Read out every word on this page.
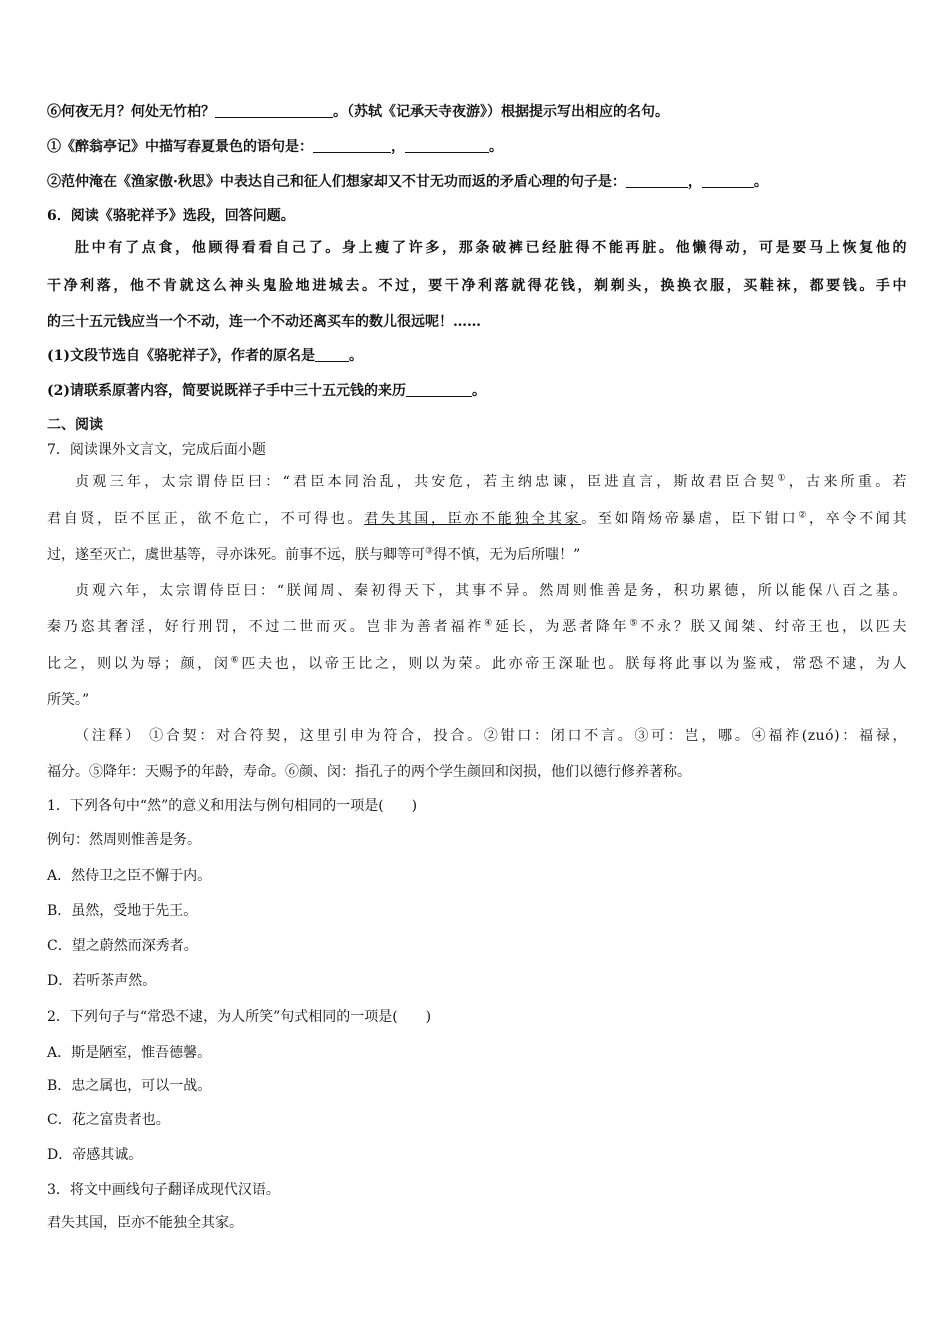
⑥何夜无月？何处无竹柏？	。（苏轼《记承天寺夜游》）根据提示写出相应的名句。
①《醉翁亭记》中描写春夏景色的语句是：	，	。
②范仲淹在《渔家傲·秋思》中表达自己和征人们想家却又不甘无功而返的矛盾心理的句子是：	，	。
6．阅读《骆驼祥予》选段，回答问题。
肚中有了点食，他顾得看看自己了。身上瘦了许多，那条破裤已经脏得不能再脏。他懒得动，可是要马上恢复他的
干净利落，他不肯就这么神头鬼脸地进城去。不过，要干净利落就得花钱，剃剃头，换换衣服，买鞋袜，都要钱。手中
的三十五元钱应当一个不动，连一个不动还离买车的数儿很远呢！……
(1)文段节选自《骆驼祥子》，作者的原名是 。
(2)请联系原著内容，简要说既祥子手中三十五元钱的来历	。
二、阅读
7．阅读课外文言文，完成后面小题
贞观三年，太宗谓侍臣曰：“君臣本同治乱，共安危，若主纳忠谏，臣进直言，斯故君臣合契①，古来所重。若
君自贤，臣不匡正，欲不危亡，不可得也。君失其国，臣亦不能独全其家。至如隋炀帝暴虐，臣下钳口②，卒令不闻其
过，遂至灭亡，虞世基等，寻亦诛死。前事不远，朕与卿等可③得不慎，无为后所嗤！”
贞观六年，太宗谓侍臣曰：“朕闻周、秦初得天下，其事不异。然周则惟善是务，积功累德，所以能保八百之基。
秦乃恣其奢淫，好行刑罚，不过二世而灭。岂非为善者福祚④延长，为恶者降年⑤不永？朕又闻桀、纣帝王也，以匹夫
比之，则以为辱；颜，闵⑥匹夫也，以帝王比之，则以为荣。此亦帝王深耻也。朕每将此事以为鉴戒，常恐不逮，为人
所笑。”
（注释） ①合契：对合符契，这里引申为符合，投合。②钳口：闭口不言。③可：岂，哪。④福祚(zuó)：福禄，
福分。⑤降年：天赐予的年龄，寿命。⑥颜、闵：指孔子的两个学生颜回和闵损，他们以德行修养著称。
1．下列各句中“然”的意义和用法与例句相同的一项是(　　)
例句：然周则惟善是务。
A．然侍卫之臣不懈于内。
B．虽然，受地于先王。
C．望之蔚然而深秀者。
D．若听茶声然。
2．下列句子与“常恐不逮，为人所笑”句式相同的一项是(　　)
A．斯是陋室，惟吾德馨。
B．忠之属也，可以一战。
C．花之富贵者也。
D．帝感其诚。
3．将文中画线句子翻译成现代汉语。
君失其国，臣亦不能独全其家。
